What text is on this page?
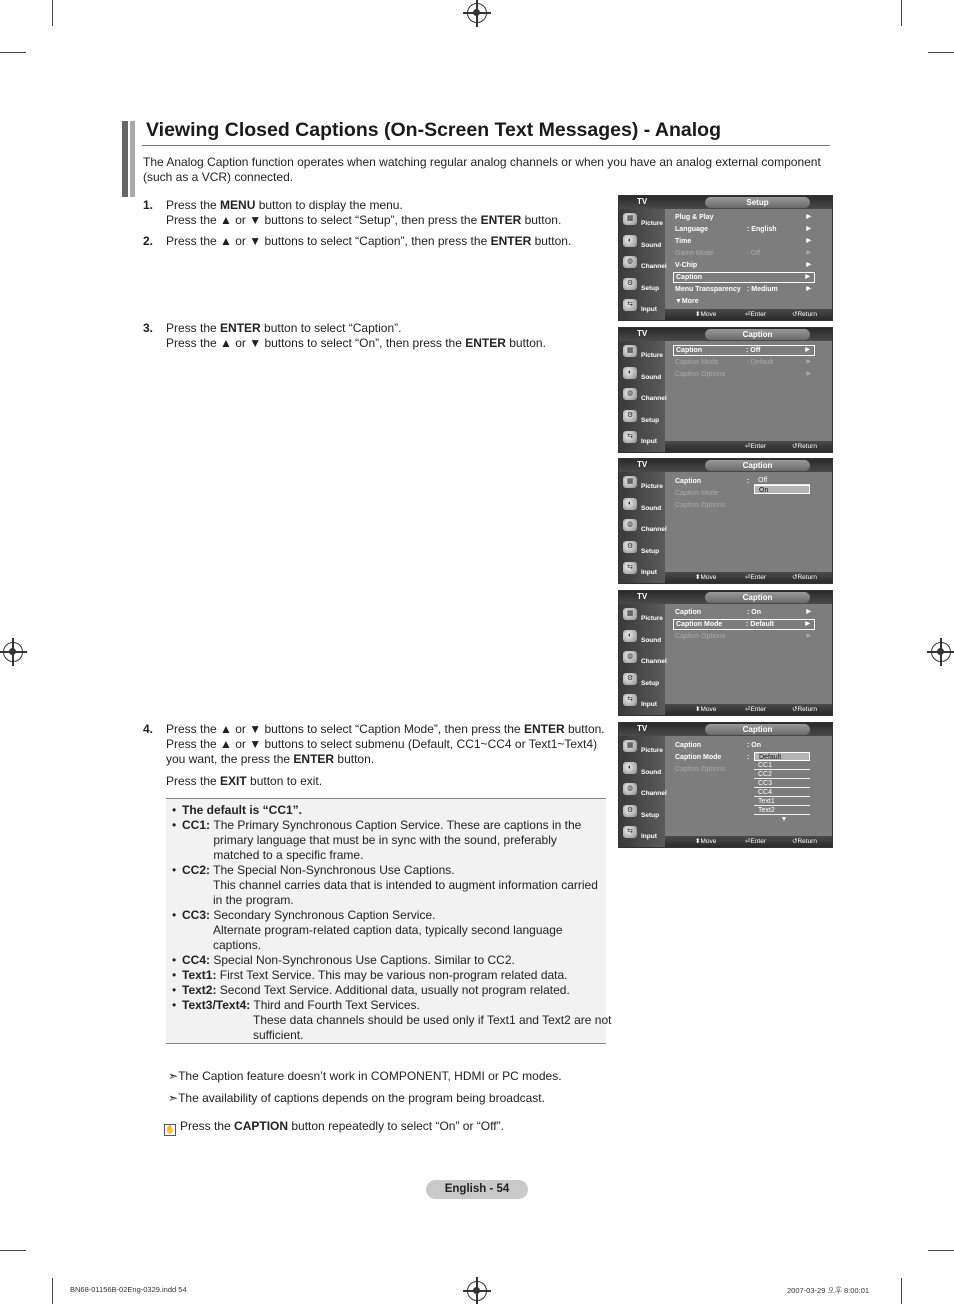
Viewing Closed Captions (On-Screen Text Messages) - Analog
The Analog Caption function operates when watching regular analog channels or when you have an analog external component (such as a VCR) connected.
1. Press the MENU button to display the menu.

Press the ▲ or ▼ buttons to select “Setup”, then press the ENTER button.

2. Press the ▲ or ▼ buttons to select “Caption”, then press the ENTER button.

3. Press the ENTER button to select “Caption”.

Press the ▲ or ▼ buttons to select “On”, then press the ENTER button.

4. Press the ▲ or ▼ buttons to select “Caption Mode”, then press the ENTER button.

Press the ▲ or ▼ buttons to select submenu (Default, CC1~CC4 or Text1~Text4) you want, the press the ENTER button.

Press the EXIT button to exit.

• The default is “CC1”.
• CC1: The Primary Synchronous Caption Service. These are captions in the primary language that must be in sync with the sound, preferably matched to a specific frame.
• CC2: The Special Non-Synchronous Use Captions.
This channel carries data that is intended to augment information carried in the program.
• CC3: Secondary Synchronous Caption Service.
Alternate program-related caption data, typically second language captions.
• CC4: Special Non-Synchronous Use Captions. Similar to CC2.
• Text1: First Text Service. This may be various non-program related data.
• Text2: Second Text Service. Additional data, usually not program related.
• Text3/Text4: Third and Fourth Text Services.
These data channels should be used only if Text1 and Text2 are not sufficient.
➣The Caption feature doesn’t work in COMPONENT, HDMI or PC modes.
➣The availability of captions depends on the program being broadcast.
✋ Press the CAPTION button repeatedly to select “On” or “Off”.
English - 54
BN68-01156B-02Eng-0329.indd 54	2007-03-29 오후 8:00:01
TV	Setup
▦
Picture
◐
Sound
◍
Channel
⚙
Setup
⇆
Input
Plug & Play	▶
Language	: English	▶
Time	▶
Game Mode	: Off	▶
V-Chip	▶
Caption	▶
Menu Transparency : Medium	▶
▼More
⬍ Move	⏎ Enter	↺ Return
TV	Caption
▦
Picture
◐
Sound
◍
Channel
⚙
Setup
⇆
Input
Caption	: Off	▶
Caption Mode	: Default	▶
Caption Options	▶
⏎ Enter	↺ Return
TV	Caption
▦
Picture
◐
Sound
◍
Channel
⚙
Setup
⇆
Input
Caption	:
Caption Mode
Caption Options
Off
On
⬍ Move	⏎ Enter	↺ Return
TV	Caption
▦
Picture
◐
Sound
◍
Channel
⚙
Setup
⇆
Input
Caption	: On	▶
Caption Mode	: Default	▶
Caption Options	▶
⬍ Move	⏎ Enter	↺ Return
TV	Caption
▦
Picture
◐
Sound
◍
Channel
⚙
Setup
⇆
Input
Caption	: On
Caption Mode	:
Caption Options
Default
CC1
CC2
CC3
CC4
Text1
Text2
▼
⬍ Move	⏎ Enter	↺ Return
